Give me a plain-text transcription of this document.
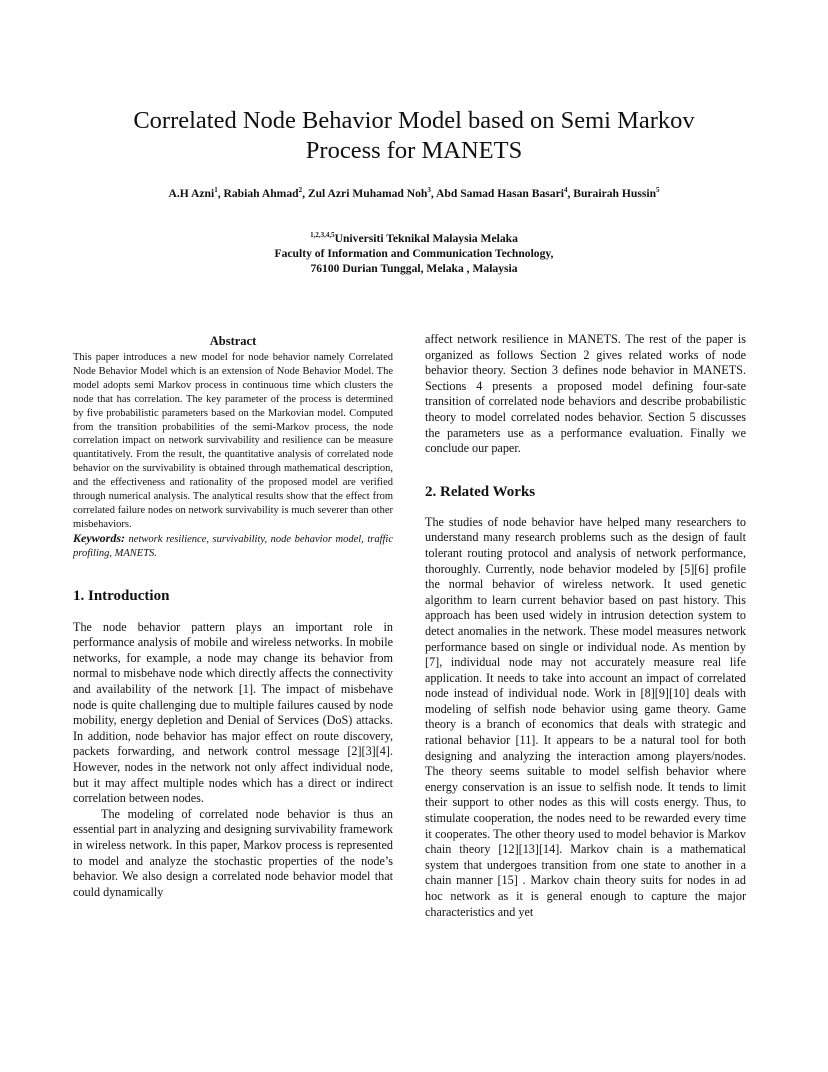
Correlated Node Behavior Model based on Semi Markov
Process for MANETS

A.H Azni$^1$, Rabiah Ahmad$^2$, Zul Azri Muhamad Noh$^3$, Abd Samad Hasan Basari$^4$, Burairah Hussin$^5$

$^{1,2,3,4,5}$Universiti Teknikal Malaysia Melaka
Faculty of Information and Communication Technology,
76100 Durian Tunggal, Melaka , Malaysia

Abstract

This paper introduces a new model for node behavior namely Correlated Node Behavior Model which is an extension of Node Behavior Model. The model adopts semi Markov process in continuous time which clusters the node that has correlation. The key parameter of the process is determined by five probabilistic parameters based on the Markovian model. Computed from the transition probabilities of the semi-Markov process, the node correlation impact on network survivability and resilience can be measure quantitatively. From the result, the quantitative analysis of correlated node behavior on the survivability is obtained through mathematical description, and the effectiveness and rationality of the proposed model are verified through numerical analysis. The analytical results show that the effect from correlated failure nodes on network survivability is much severer than other misbehaviors.

Keywords: network resilience, survivability, node behavior model, traffic profiling, MANETS.

1. Introduction

The node behavior pattern plays an important role in performance analysis of mobile and wireless networks. In mobile networks, for example, a node may change its behavior from normal to misbehave node which directly affects the connectivity and availability of the network [1]. The impact of misbehave node is quite challenging due to multiple failures caused by node mobility, energy depletion and Denial of Services (DoS) attacks. In addition, node behavior has major effect on route discovery, packets forwarding, and network control message [2][3][4]. However, nodes in the network not only affect individual node, but it may affect multiple nodes which has a direct or indirect correlation between nodes.

The modeling of correlated node behavior is thus an essential part in analyzing and designing survivability framework in wireless network. In this paper, Markov process is represented to model and analyze the stochastic properties of the node’s behavior. We also design a correlated node behavior model that could dynamically

affect network resilience in MANETS. The rest of the paper is organized as follows Section 2 gives related works of node behavior theory. Section 3 defines node behavior in MANETS. Sections 4 presents a proposed model defining four-sate transition of correlated node behaviors and describe probabilistic theory to model correlated nodes behavior. Section 5 discusses the parameters use as a performance evaluation. Finally we conclude our paper.

2. Related Works

The studies of node behavior have helped many researchers to understand many research problems such as the design of fault tolerant routing protocol and analysis of network performance, thoroughly. Currently, node behavior modeled by [5][6] profile the normal behavior of wireless network. It used genetic algorithm to learn current behavior based on past history. This approach has been used widely in intrusion detection system to detect anomalies in the network. These model measures network performance based on single or individual node. As mention by [7], individual node may not accurately measure real life application. It needs to take into account an impact of correlated node instead of individual node. Work in [8][9][10] deals with modeling of selfish node behavior using game theory. Game theory is a branch of economics that deals with strategic and rational behavior [11]. It appears to be a natural tool for both designing and analyzing the interaction among players/nodes. The theory seems suitable to model selfish behavior where energy conservation is an issue to selfish node. It tends to limit their support to other nodes as this will costs energy. Thus, to stimulate cooperation, the nodes need to be rewarded every time it cooperates. The other theory used to model behavior is Markov chain theory [12][13][14]. Markov chain is a mathematical system that undergoes transition from one state to another in a chain manner [15] . Markov chain theory suits for nodes in ad hoc network as it is general enough to capture the major characteristics and yet
